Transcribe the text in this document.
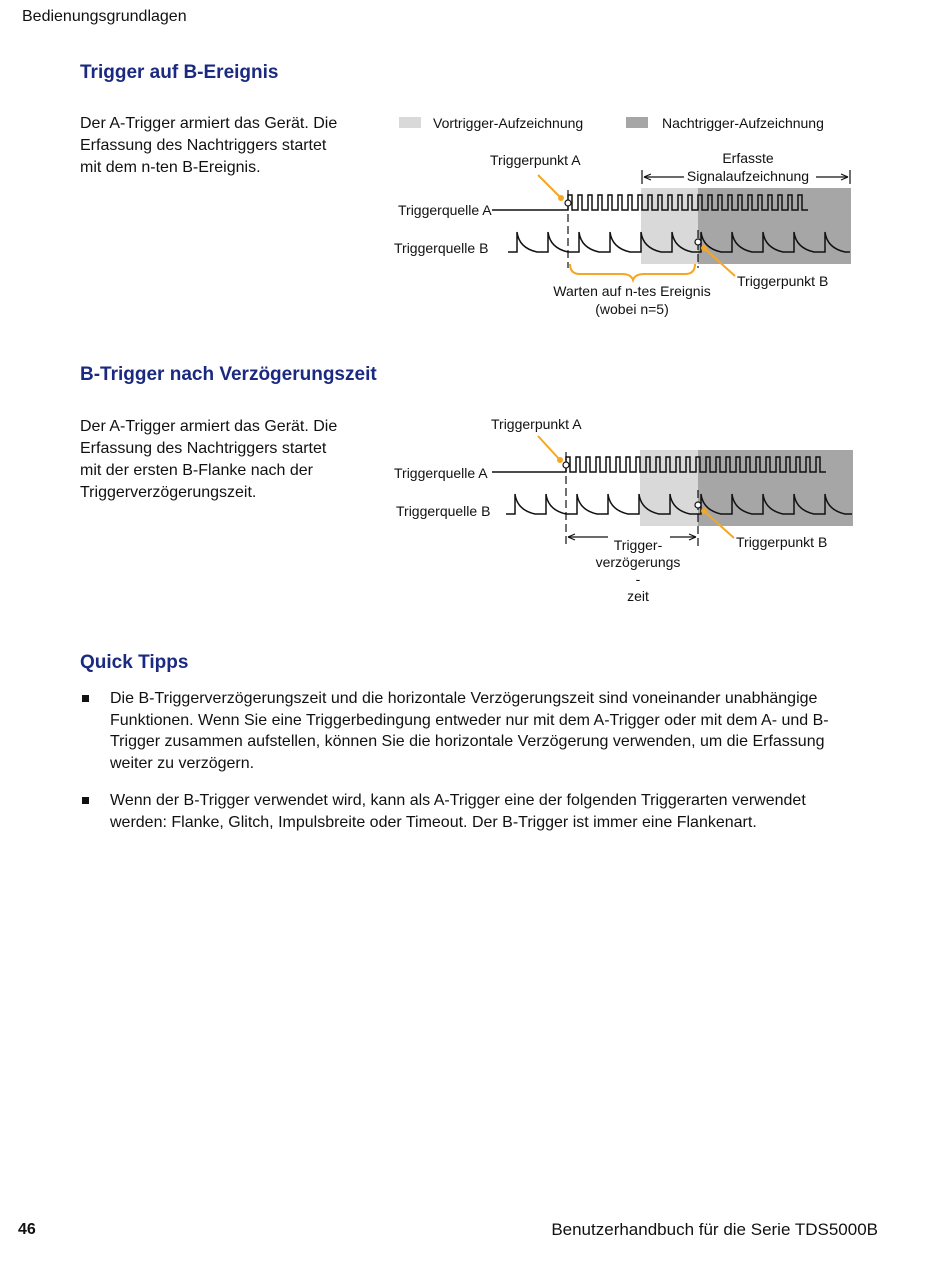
Bedienungsgrundlagen
Trigger auf B-Ereignis
Der A-Trigger armiert das Gerät. Die Erfassung des Nachtriggers startet mit dem n-ten B-Ereignis.
Vortrigger-Aufzeichnung	Nachtrigger-Aufzeichnung
Triggerpunkt A	Erfasste
Signalaufzeichnung
Triggerquelle A
Triggerquelle B
Triggerpunkt B
Warten auf n-tes Ereignis
(wobei n=5)
B-Trigger nach Verzögerungszeit
Der A-Trigger armiert das Gerät. Die Erfassung des Nachtriggers startet mit der ersten B-Flanke nach der Triggerverzögerungszeit.
Triggerpunkt A
Triggerquelle A
Triggerquelle B
Triggerpunkt B
Trigger-
verzögerungs
-
zeit
Quick Tipps
Die B-Triggerverzögerungszeit und die horizontale Verzögerungszeit sind voneinander unabhängige Funktionen. Wenn Sie eine Triggerbedingung entweder nur mit dem A-Trigger oder mit dem A- und B-Trigger zusammen aufstellen, können Sie die horizontale Verzögerung verwenden, um die Erfassung weiter zu verzögern.
Wenn der B-Trigger verwendet wird, kann als A-Trigger eine der folgenden Triggerarten verwendet werden: Flanke, Glitch, Impulsbreite oder Timeout. Der B-Trigger ist immer eine Flankenart.
46	Benutzerhandbuch für die Serie TDS5000B
